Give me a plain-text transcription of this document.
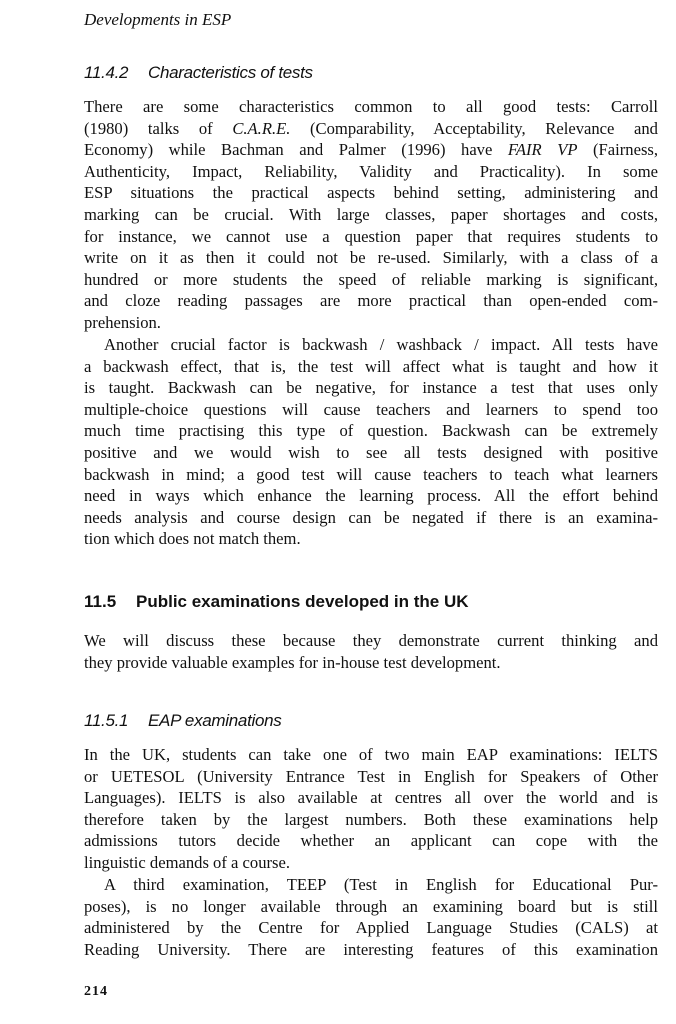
Developments in ESP
11.4.2 Characteristics of tests
There are some characteristics common to all good tests: Carroll
(1980) talks of C.A.R.E. (Comparability, Acceptability, Relevance and
Economy) while Bachman and Palmer (1996) have FAIR VP (Fairness,
Authenticity, Impact, Reliability, Validity and Practicality). In some
ESP situations the practical aspects behind setting, administering and
marking can be crucial. With large classes, paper shortages and costs,
for instance, we cannot use a question paper that requires students to
write on it as then it could not be re-used. Similarly, with a class of a
hundred or more students the speed of reliable marking is significant,
and cloze reading passages are more practical than open-ended com-
prehension.
Another crucial factor is backwash / washback / impact. All tests have
a backwash effect, that is, the test will affect what is taught and how it
is taught. Backwash can be negative, for instance a test that uses only
multiple-choice questions will cause teachers and learners to spend too
much time practising this type of question. Backwash can be extremely
positive and we would wish to see all tests designed with positive
backwash in mind; a good test will cause teachers to teach what learners
need in ways which enhance the learning process. All the effort behind
needs analysis and course design can be negated if there is an examina-
tion which does not match them.
11.5 Public examinations developed in the UK
We will discuss these because they demonstrate current thinking and
they provide valuable examples for in-house test development.
11.5.1 EAP examinations
In the UK, students can take one of two main EAP examinations: IELTS
or UETESOL (University Entrance Test in English for Speakers of Other
Languages). IELTS is also available at centres all over the world and is
therefore taken by the largest numbers. Both these examinations help
admissions tutors decide whether an applicant can cope with the
linguistic demands of a course.
A third examination, TEEP (Test in English for Educational Pur-
poses), is no longer available through an examining board but is still
administered by the Centre for Applied Language Studies (CALS) at
Reading University. There are interesting features of this examination
214
